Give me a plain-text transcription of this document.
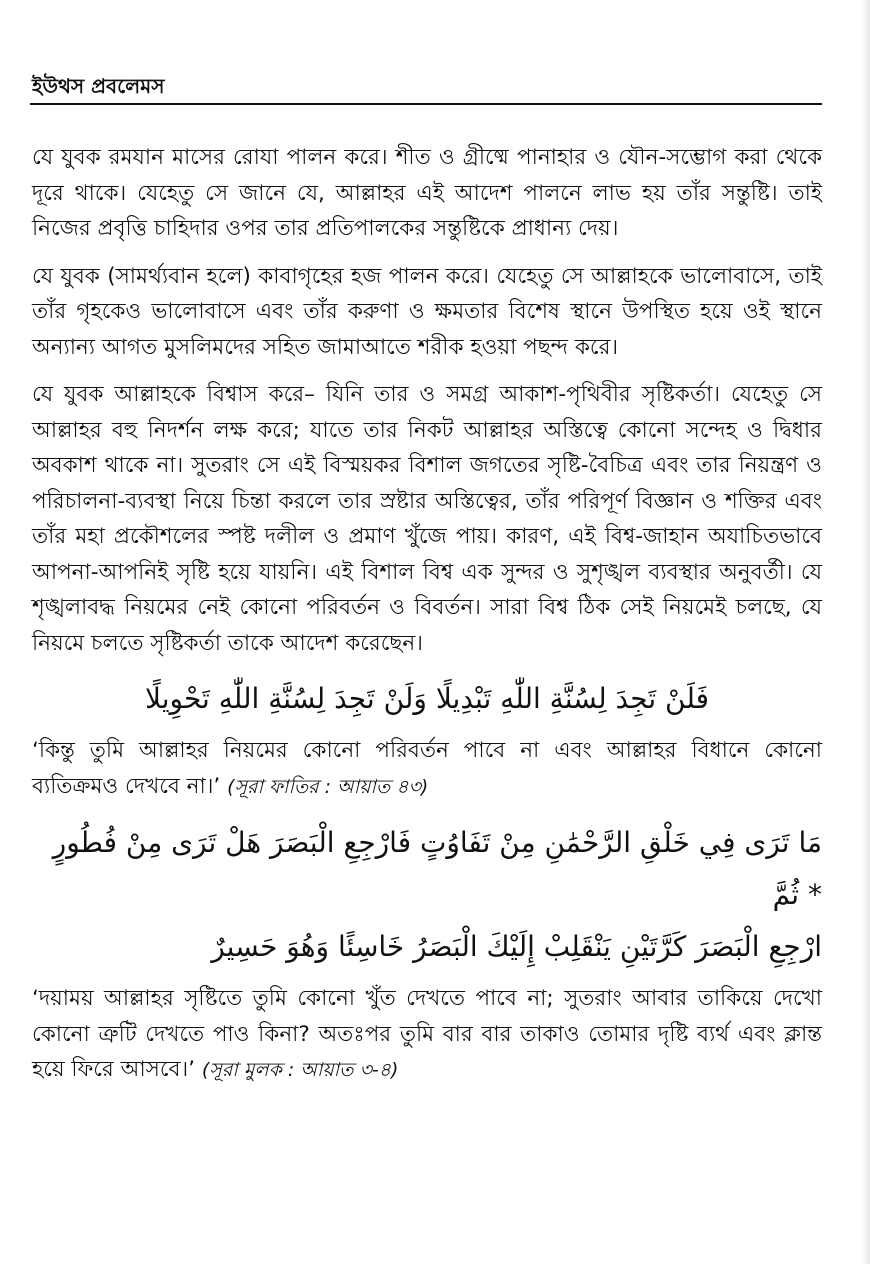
ইউথস প্রবলেমস

যে যুবক রমযান মাসের রোযা পালন করে। শীত ও গ্রীষ্মে পানাহার ও যৌন-সম্ভোগ করা থেকে দূরে থাকে। যেহেতু সে জানে যে, আল্লাহর এই আদেশ পালনে লাভ হয় তাঁর সন্তুষ্টি। তাই নিজের প্রবৃত্তি চাহিদার ওপর তার প্রতিপালকের সন্তুষ্টিকে প্রাধান্য দেয়।

যে যুবক (সামর্থ্যবান হলে) কাবাগৃহের হজ পালন করে। যেহেতু সে আল্লাহকে ভালোবাসে, তাই তাঁর গৃহকেও ভালোবাসে এবং তাঁর করুণা ও ক্ষমতার বিশেষ স্থানে উপস্থিত হয়ে ওই স্থানে অন্যান্য আগত মুসলিমদের সহিত জামাআতে শরীক হওয়া পছন্দ করে।

যে যুবক আল্লাহকে বিশ্বাস করে– যিনি তার ও সমগ্র আকাশ-পৃথিবীর সৃষ্টিকর্তা। যেহেতু সে আল্লাহর বহু নিদর্শন লক্ষ করে; যাতে তার নিকট আল্লাহর অস্তিত্বে কোনো সন্দেহ ও দ্বিধার অবকাশ থাকে না। সুতরাং সে এই বিস্ময়কর বিশাল জগতের সৃষ্টি-বৈচিত্র এবং তার নিয়ন্ত্রণ ও পরিচালনা-ব্যবস্থা নিয়ে চিন্তা করলে তার স্রষ্টার অস্তিত্বের, তাঁর পরিপূর্ণ বিজ্ঞান ও শক্তির এবং তাঁর মহা প্রকৌশলের স্পষ্ট দলীল ও প্রমাণ খুঁজে পায়। কারণ, এই বিশ্ব-জাহান অযাচিতভাবে আপনা-আপনিই সৃষ্টি হয়ে যায়নি। এই বিশাল বিশ্ব এক সুন্দর ও সুশৃঙ্খল ব্যবস্থার অনুবর্তী। যে শৃঙ্খলাবদ্ধ নিয়মের নেই কোনো পরিবর্তন ও বিবর্তন। সারা বিশ্ব ঠিক সেই নিয়মেই চলছে, যে নিয়মে চলতে সৃষ্টিকর্তা তাকে আদেশ করেছেন।

فَلَنْ تَجِدَ لِسُنَّةِ اللّٰهِ تَبْدِيلًا وَلَنْ تَجِدَ لِسُنَّةِ اللّٰهِ تَحْوِيلًا

‘কিন্তু তুমি আল্লাহর নিয়মের কোনো পরিবর্তন পাবে না এবং আল্লাহর বিধানে কোনো ব্যতিক্রমও দেখবে না।’ (সূরা ফাতির : আয়াত ৪৩)

مَا تَرَى فِي خَلْقِ الرَّحْمَٰنِ مِنْ تَفَاوُتٍ فَارْجِعِ الْبَصَرَ هَلْ تَرَى مِنْ فُطُورٍ * ثُمَّ
ارْجِعِ الْبَصَرَ كَرَّتَيْنِ يَنْقَلِبْ إِلَيْكَ الْبَصَرُ خَاسِئًا وَهُوَ حَسِيرٌ

‘দয়াময় আল্লাহর সৃষ্টিতে তুমি কোনো খুঁত দেখতে পাবে না; সুতরাং আবার তাকিয়ে দেখো কোনো ত্রুটি দেখতে পাও কিনা? অতঃপর তুমি বার বার তাকাও তোমার দৃষ্টি ব্যর্থ এবং ক্লান্ত হয়ে ফিরে আসবে।’ (সূরা মুলক : আয়াত ৩-৪)
